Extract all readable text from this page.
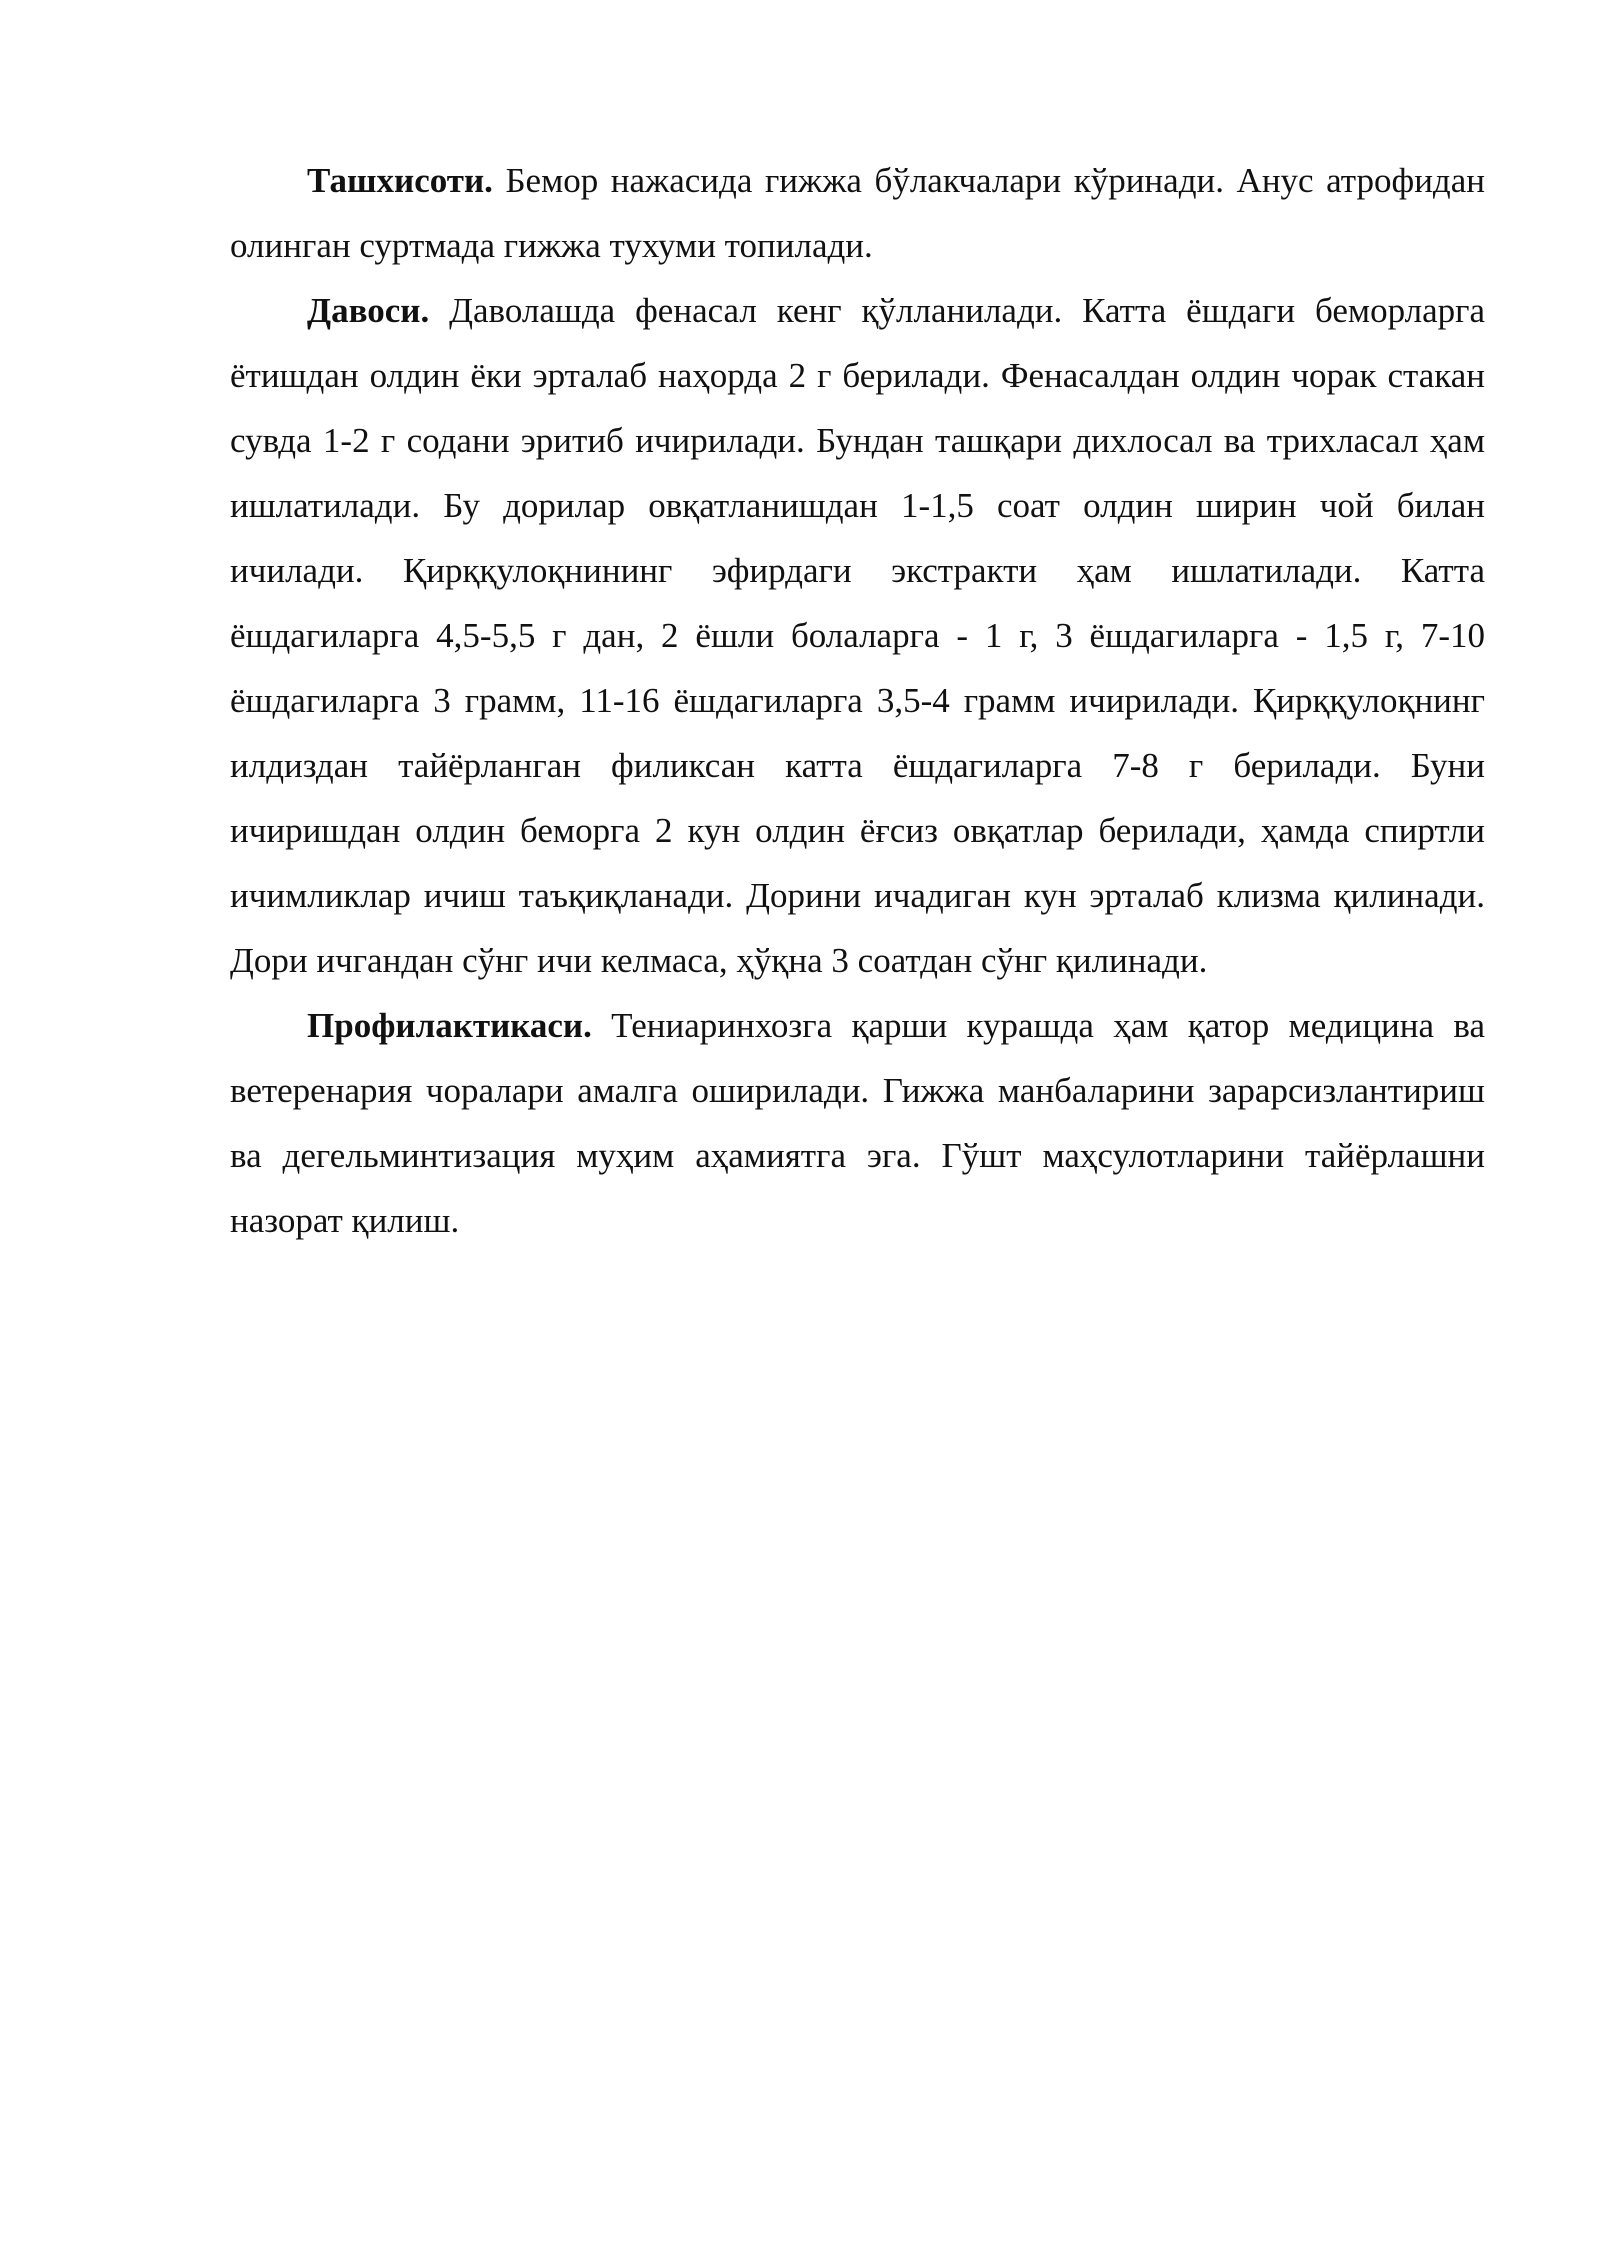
Ташхисоти. Бемор нажасида гижжа бўлакчалари кўринади. Анус атрофидан олинган суртмада гижжа тухуми топилади.

Давоси. Даволашда фенасал кенг қўлланилади. Катта ёшдаги беморларга ётишдан олдин ёки эрталаб наҳорда 2 г берилади. Фенасалдан олдин чорак стакан сувда 1-2 г содани эритиб ичирилади. Бундан ташқари дихлосал ва трихласал ҳам ишлатилади. Бу дорилар овқатланишдан 1-1,5 соат олдин ширин чой билан ичилади. Қирққулоқнининг эфирдаги экстракти ҳам ишлатилади. Катта ёшдагиларга 4,5-5,5 г дан, 2 ёшли болаларга - 1 г, 3 ёшдагиларга - 1,5 г, 7-10 ёшдагиларга 3 грамм, 11-16 ёшдагиларга 3,5-4 грамм ичирилади. Қирққулоқнинг илдиздан тайёрланган филиксан катта ёшдагиларга 7-8 г берилади. Буни ичиришдан олдин беморга 2 кун олдин ёғсиз овқатлар берилади, ҳамда спиртли ичимликлар ичиш таъқиқланади. Дорини ичадиган кун эрталаб клизма қилинади. Дори ичгандан сўнг ичи келмаса, ҳўқна 3 соатдан сўнг қилинади.

Профилактикаси. Тениаринхозга қарши курашда ҳам қатор медицина ва ветеренария чоралари амалга оширилади. Гижжа манбаларини зарарсизлантириш ва дегельминтизация муҳим аҳамиятга эга. Гўшт маҳсулотларини тайёрлашни назорат қилиш.
